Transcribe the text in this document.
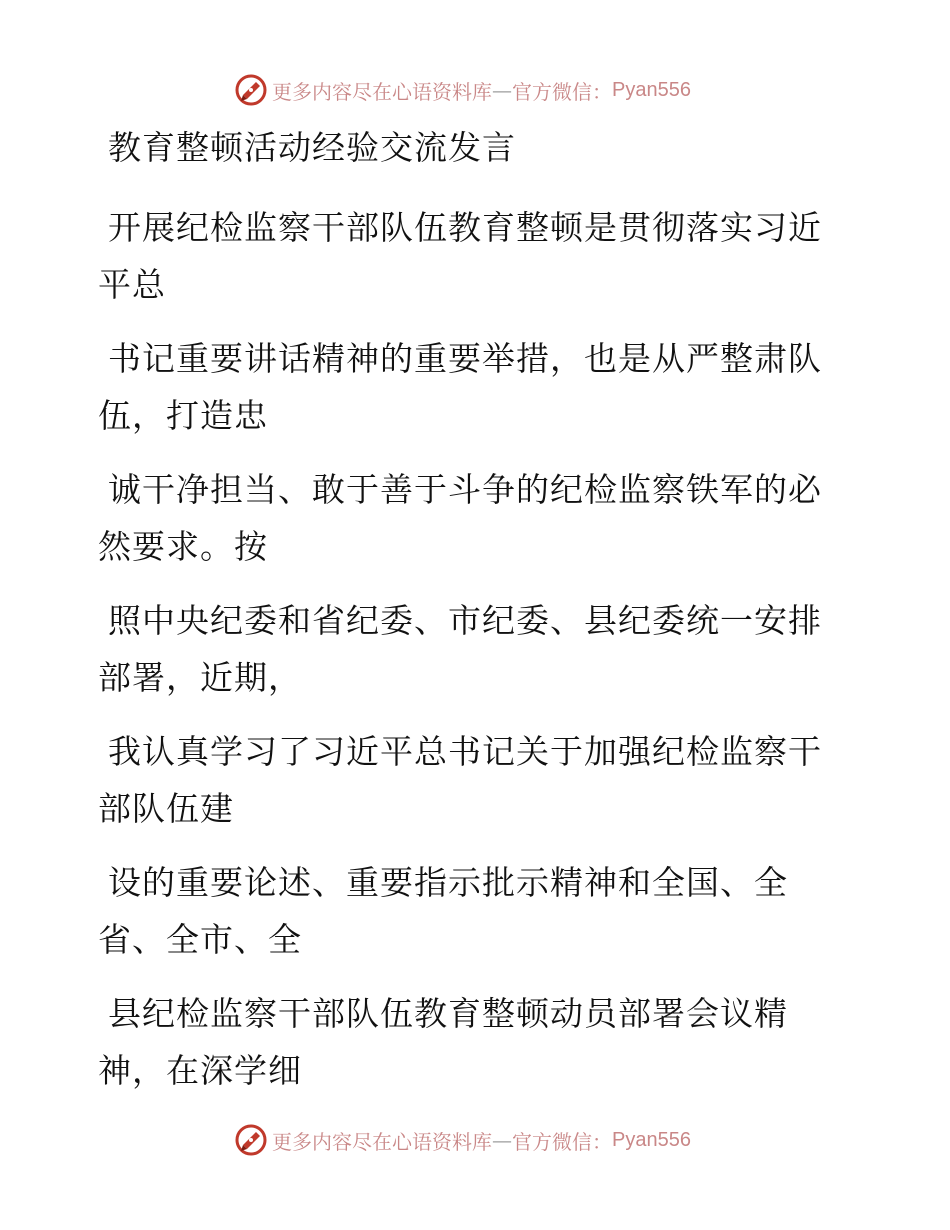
更多内容尽在心语资料库 — 官方微信： Pyan556
教育整顿活动经验交流发言
开展纪检监察干部队伍教育整顿是贯彻落实习近
平总
书记重要讲话精神的重要举措，也是从严整肃队
伍，打造忠
诚干净担当、敢于善于斗争的纪检监察铁军的必
然要求。按
照中央纪委和省纪委、市纪委、县纪委统一安排
部署，近期，
我认真学习了习近平总书记关于加强纪检监察干
部队伍建
设的重要论述、重要指示批示精神和全国、全
省、全市、全
县纪检监察干部队伍教育整顿动员部署会议精
神，在深学细
更多内容尽在心语资料库 — 官方微信： Pyan556
